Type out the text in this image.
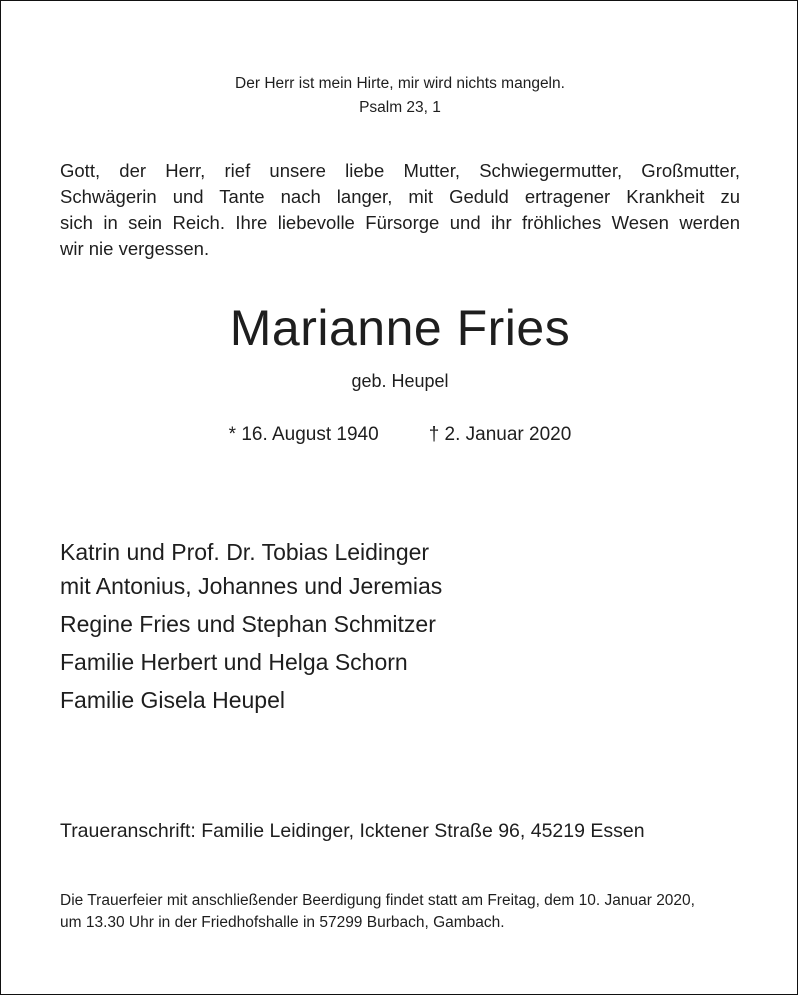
Der Herr ist mein Hirte, mir wird nichts mangeln.
Psalm 23, 1
Gott, der Herr, rief unsere liebe Mutter, Schwiegermutter, Großmutter,
Schwägerin und Tante nach langer, mit Geduld ertragener Krankheit zu
sich in sein Reich. Ihre liebevolle Fürsorge und ihr fröhliches Wesen werden
wir nie vergessen.
Marianne Fries
geb. Heupel
* 16. August 1940	† 2. Januar 2020
Katrin und Prof. Dr. Tobias Leidinger
mit Antonius, Johannes und Jeremias
Regine Fries und Stephan Schmitzer
Familie Herbert und Helga Schorn
Familie Gisela Heupel
Traueranschrift: Familie Leidinger, Icktener Straße 96, 45219 Essen
Die Trauerfeier mit anschließender Beerdigung findet statt am Freitag, dem 10. Januar 2020,
um 13.30 Uhr in der Friedhofshalle in 57299 Burbach, Gambach.
